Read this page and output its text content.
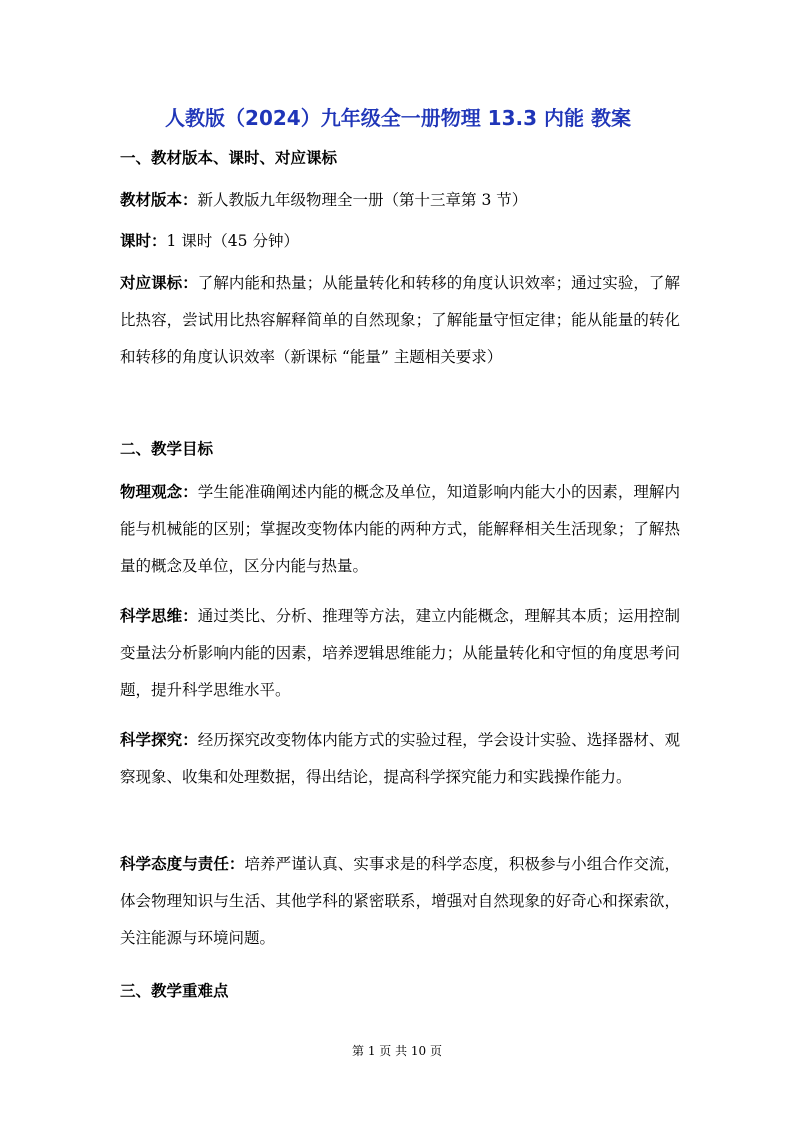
人教版（2024）九年级全一册物理 13.3 内能 教案
一、教材版本、课时、对应课标
教材版本：新人教版九年级物理全一册（第十三章第 3 节）
课时：1 课时（45 分钟）
对应课标：了解内能和热量；从能量转化和转移的角度认识效率；通过实验，了解比热容，尝试用比热容解释简单的自然现象；了解能量守恒定律；能从能量的转化和转移的角度认识效率（新课标 “能量” 主题相关要求）
二、教学目标
物理观念：学生能准确阐述内能的概念及单位，知道影响内能大小的因素，理解内能与机械能的区别；掌握改变物体内能的两种方式，能解释相关生活现象；了解热量的概念及单位，区分内能与热量。
科学思维：通过类比、分析、推理等方法，建立内能概念，理解其本质；运用控制变量法分析影响内能的因素，培养逻辑思维能力；从能量转化和守恒的角度思考问题，提升科学思维水平。
科学探究：经历探究改变物体内能方式的实验过程，学会设计实验、选择器材、观察现象、收集和处理数据，得出结论，提高科学探究能力和实践操作能力。
科学态度与责任：培养严谨认真、实事求是的科学态度，积极参与小组合作交流，体会物理知识与生活、其他学科的紧密联系，增强对自然现象的好奇心和探索欲，关注能源与环境问题。
三、教学重难点
第 1 页 共 10 页
